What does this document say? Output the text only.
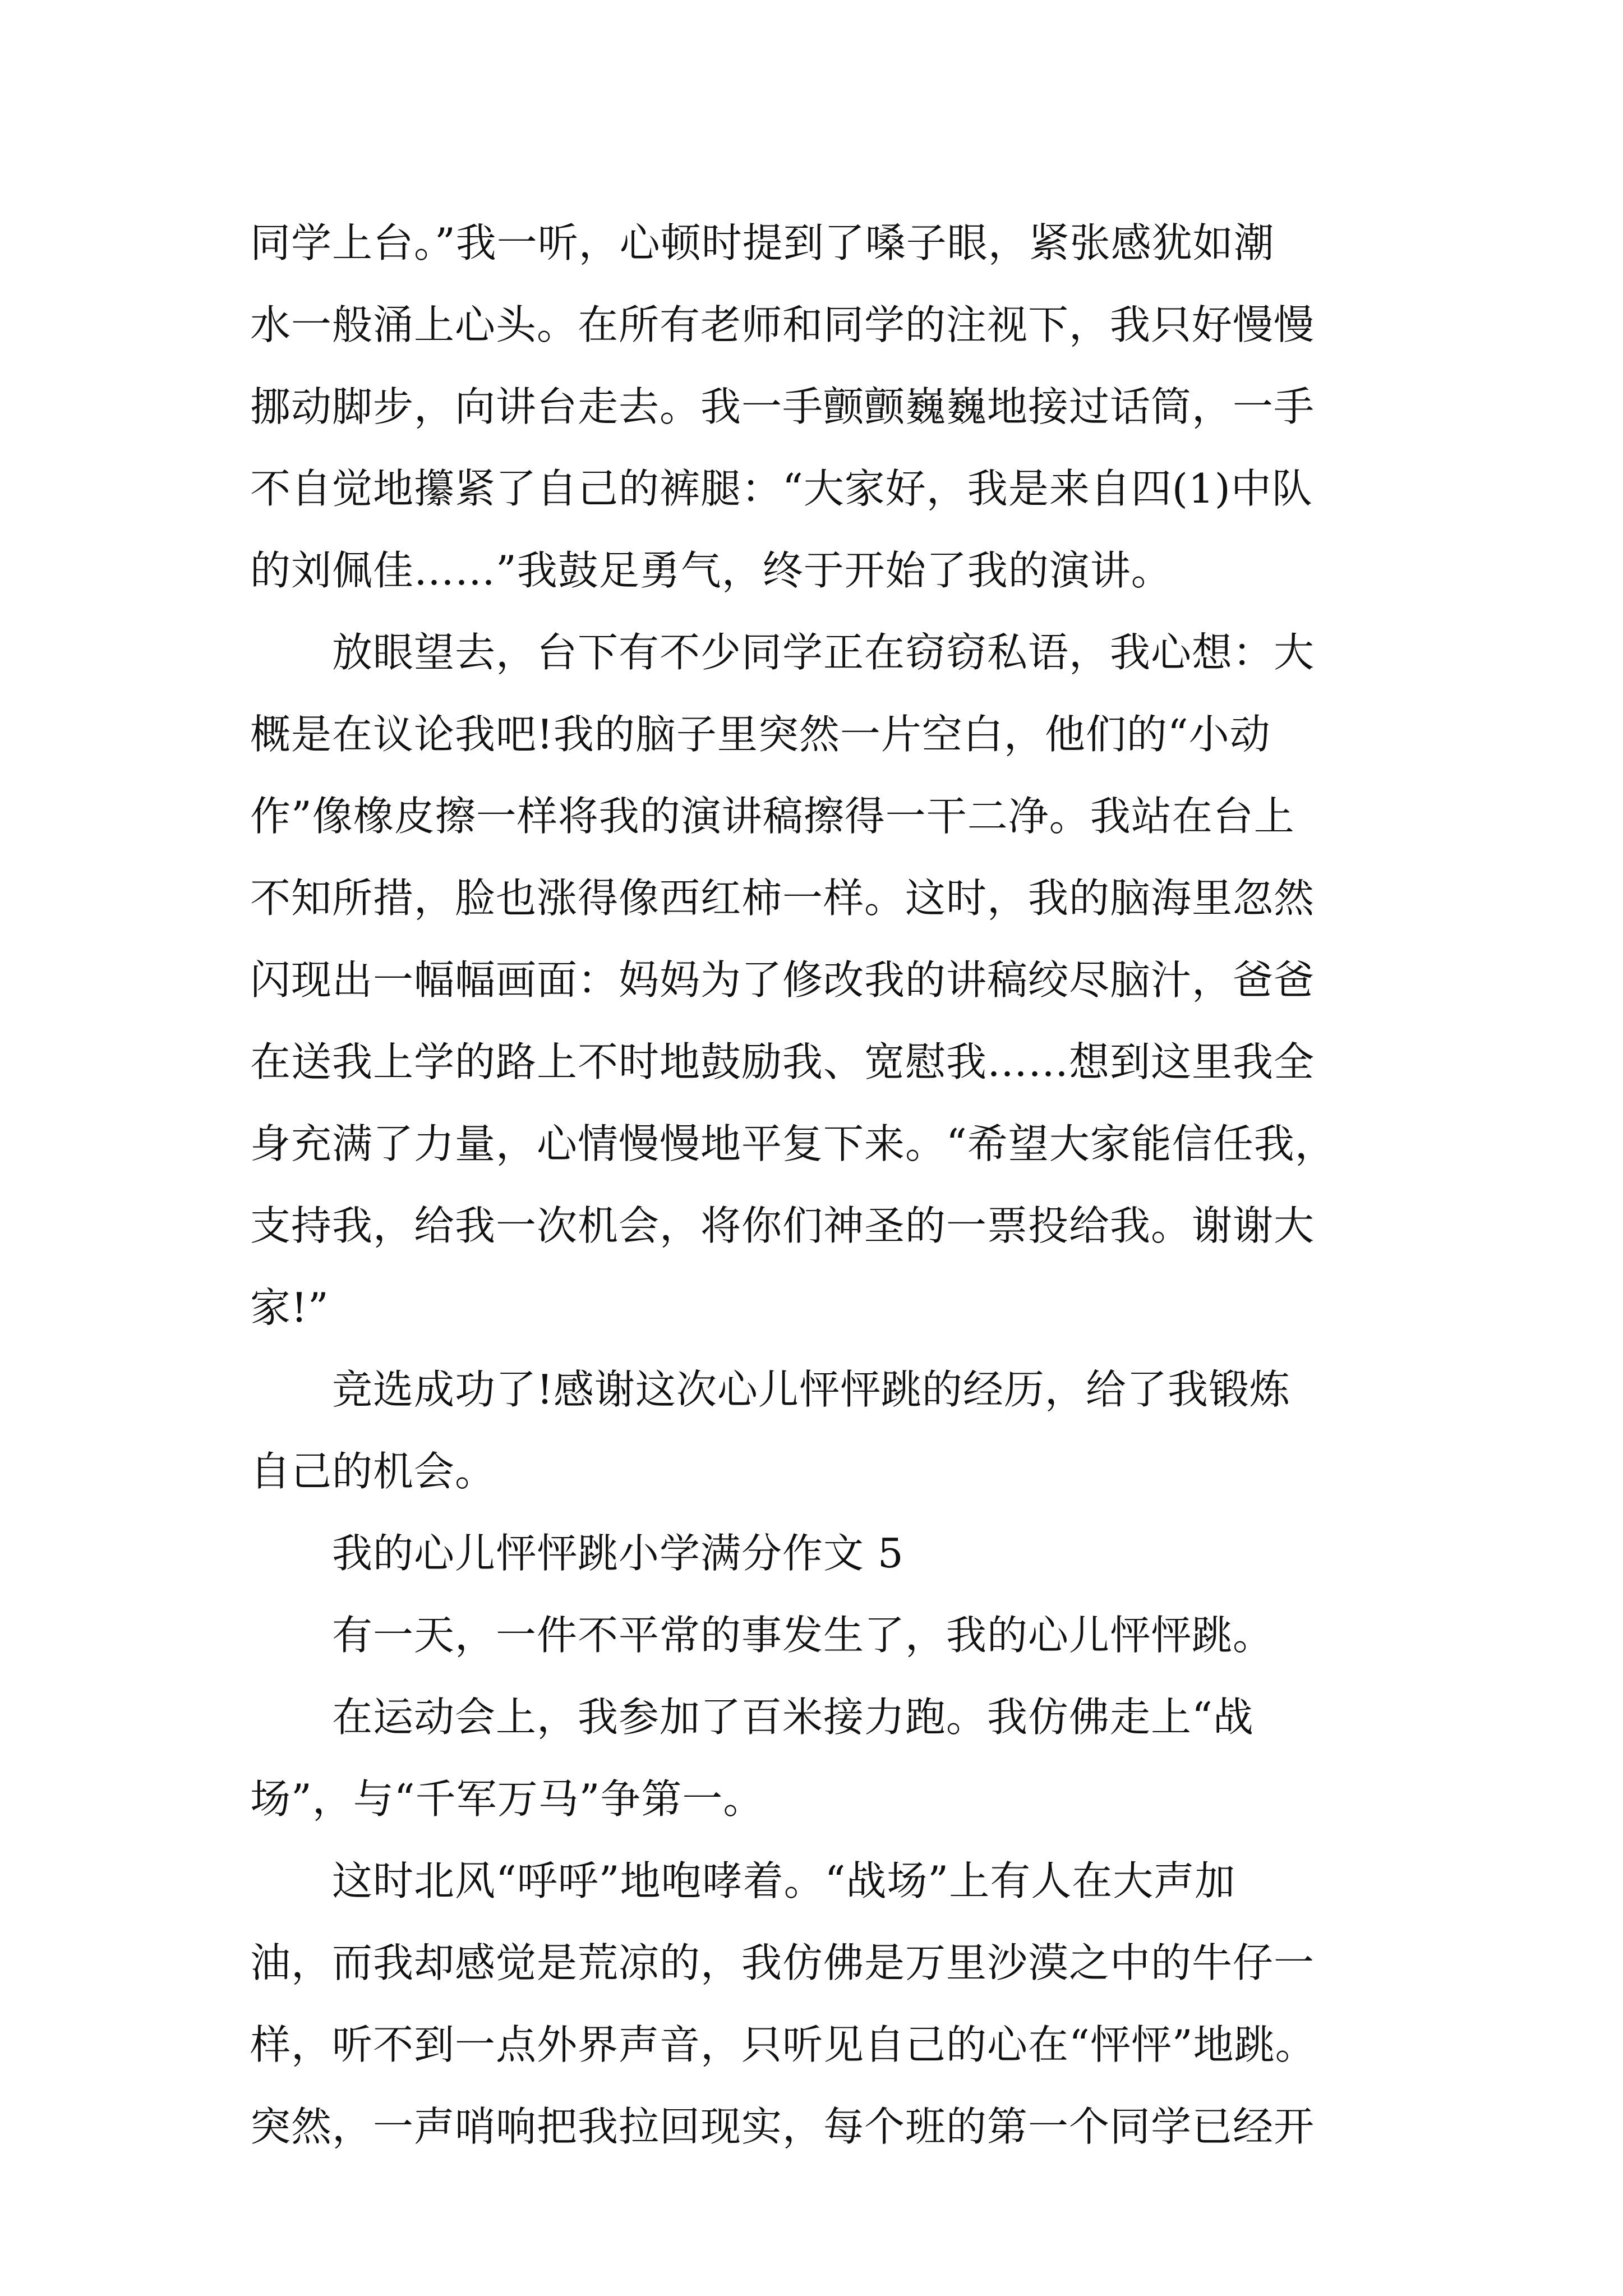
同学上台。”我一听，心顿时提到了嗓子眼，紧张感犹如潮
水一般涌上心头。在所有老师和同学的注视下，我只好慢慢
挪动脚步，向讲台走去。我一手颤颤巍巍地接过话筒，一手
不自觉地攥紧了自己的裤腿：“大家好，我是来自四(1)中队
的刘佩佳……”我鼓足勇气，终于开始了我的演讲。
放眼望去，台下有不少同学正在窃窃私语，我心想：大
概是在议论我吧!我的脑子里突然一片空白，他们的“小动
作”像橡皮擦一样将我的演讲稿擦得一干二净。我站在台上
不知所措，脸也涨得像西红柿一样。这时，我的脑海里忽然
闪现出一幅幅画面：妈妈为了修改我的讲稿绞尽脑汁，爸爸
在送我上学的路上不时地鼓励我、宽慰我……想到这里我全
身充满了力量，心情慢慢地平复下来。“希望大家能信任我，
支持我，给我一次机会，将你们神圣的一票投给我。谢谢大
家!”
竞选成功了!感谢这次心儿怦怦跳的经历，给了我锻炼
自己的机会。
我的心儿怦怦跳小学满分作文 5
有一天，一件不平常的事发生了，我的心儿怦怦跳。
在运动会上，我参加了百米接力跑。我仿佛走上“战
场”，与“千军万马”争第一。
这时北风“呼呼”地咆哮着。“战场”上有人在大声加
油，而我却感觉是荒凉的，我仿佛是万里沙漠之中的牛仔一
样，听不到一点外界声音，只听见自己的心在“怦怦”地跳。
突然，一声哨响把我拉回现实，每个班的第一个同学已经开
